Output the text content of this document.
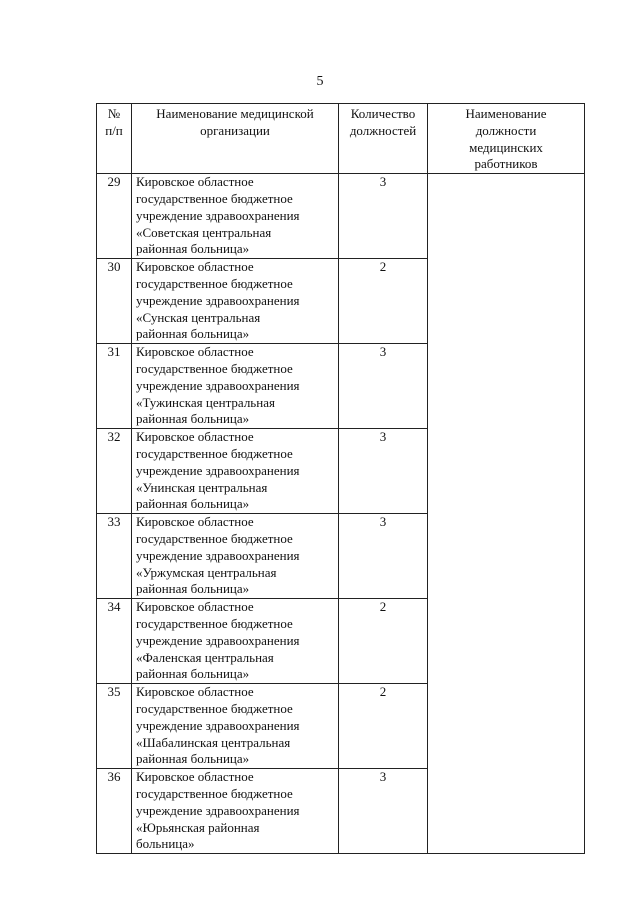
5
№
п/п	Наименование медицинской организации	Количество должностей	Наименование должности медицинских работников
29	Кировское областное
государственное бюджетное
учреждение здравоохранения
«Советская центральная
районная больница»	3	
30	Кировское областное
государственное бюджетное
учреждение здравоохранения
«Сунская центральная
районная больница»	2	
31	Кировское областное
государственное бюджетное
учреждение здравоохранения
«Тужинская центральная
районная больница»	3	
32	Кировское областное
государственное бюджетное
учреждение здравоохранения
«Унинская центральная
районная больница»	3	
33	Кировское областное
государственное бюджетное
учреждение здравоохранения
«Уржумская центральная
районная больница»	3	
34	Кировское областное
государственное бюджетное
учреждение здравоохранения
«Фаленская центральная
районная больница»	2	
35	Кировское областное
государственное бюджетное
учреждение здравоохранения
«Шабалинская центральная
районная больница»	2	
36	Кировское областное
государственное бюджетное
учреждение здравоохранения
«Юрьянская районная
больница»	3	
